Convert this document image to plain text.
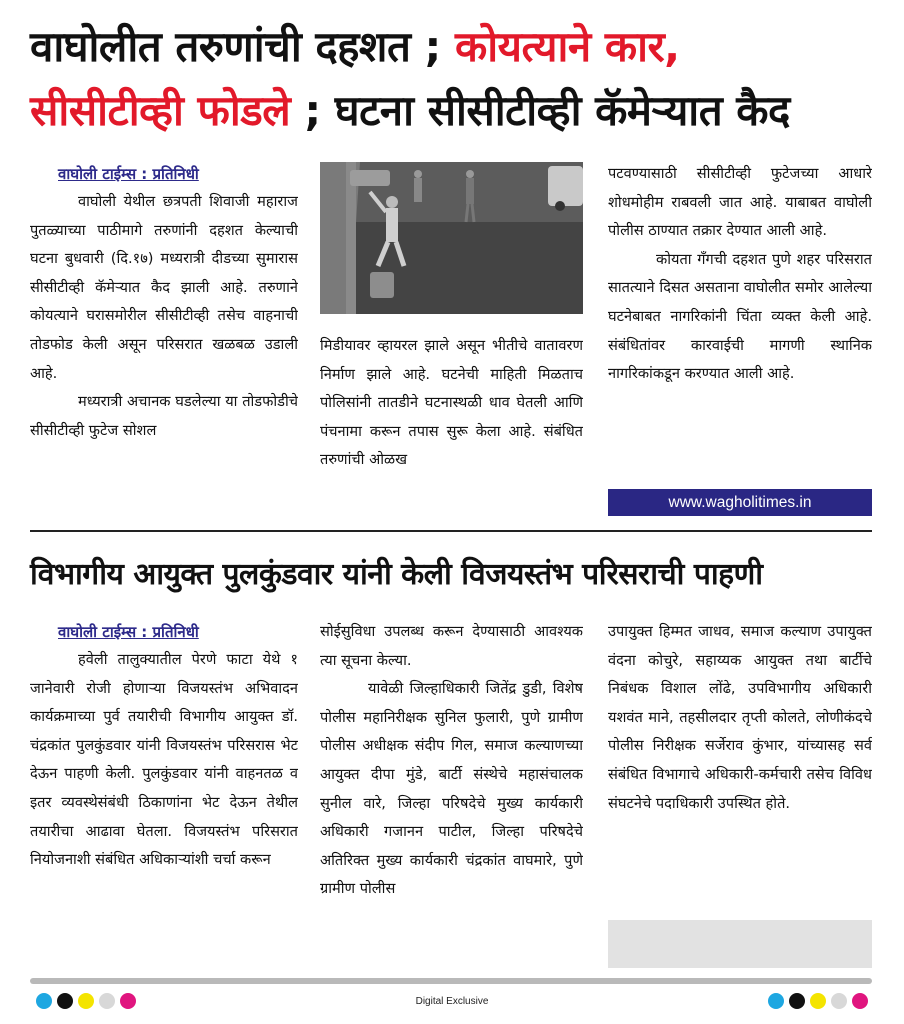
वाघोलीत तरुणांची दहशत ; कोयत्याने कार,
सीसीटीव्ही फोडले ; घटना सीसीटीव्ही कॅमेऱ्यात कैद
वाघोली टाईम्स : प्रतिनिधी

वाघोली येथील छत्रपती शिवाजी महाराज पुतळ्याच्या पाठीमागे तरुणांनी दहशत केल्याची घटना बुधवारी (दि.१७) मध्यरात्री दीडच्या सुमारास सीसीटीव्ही कॅमेऱ्यात कैद झाली आहे. तरुणाने कोयत्याने घरासमोरील सीसीटीव्ही तसेच वाहनाची तोडफोड केली असून परिसरात खळबळ उडाली आहे.

मध्यरात्री अचानक घडलेल्या या तोडफोडीचे सीसीटीव्ही फुटेज सोशल

मिडीयावर व्हायरल झाले असून भीतीचे वातावरण निर्माण झाले आहे. घटनेची माहिती मिळताच पोलिसांनी तातडीने घटनास्थळी धाव घेतली आणि पंचनामा करून तपास सुरू केला आहे. संबंधित तरुणांची ओळख

पटवण्यासाठी सीसीटीव्ही फुटेजच्या आधारे शोधमोहीम राबवली जात आहे. याबाबत वाघोली पोलीस ठाण्यात तक्रार देण्यात आली आहे.

कोयता गँगची दहशत पुणे शहर परिसरात सातत्याने दिसत असताना वाघोलीत समोर आलेल्या घटनेबाबत नागरिकांनी चिंता व्यक्त केली आहे. संबंधितांवर कारवाईची मागणी स्थानिक नागरिकांकडून करण्यात आली आहे.

www.wagholitimes.in
विभागीय आयुक्त पुलकुंडवार यांनी केली विजयस्तंभ परिसराची पाहणी
वाघोली टाईम्स : प्रतिनिधी

हवेली तालुक्यातील पेरणे फाटा येथे १ जानेवारी रोजी होणाऱ्या विजयस्तंभ अभिवादन कार्यक्रमाच्या पुर्व तयारीची विभागीय आयुक्त डॉ. चंद्रकांत पुलकुंडवार यांनी विजयस्तंभ परिसरास भेट देऊन पाहणी केली. पुलकुंडवार यांनी वाहनतळ व इतर व्यवस्थेसंबंधी ठिकाणांना भेट देऊन तेथील तयारीचा आढावा घेतला. विजयस्तंभ परिसरात नियोजनाशी संबंधित अधिकाऱ्यांशी चर्चा करून

सोईसुविधा उपलब्ध करून देण्यासाठी आवश्यक त्या सूचना केल्या.

यावेळी जिल्हाधिकारी जितेंद्र डुडी, विशेष पोलीस महानिरीक्षक सुनिल फुलारी, पुणे ग्रामीण पोलीस अधीक्षक संदीप गिल, समाज कल्याणच्या आयुक्त दीपा मुंडे, बार्टी संस्थेचे महासंचालक सुनील वारे, जिल्हा परिषदेचे मुख्य कार्यकारी अधिकारी गजानन पाटील, जिल्हा परिषदेचे अतिरिक्त मुख्य कार्यकारी चंद्रकांत वाघमारे, पुणे ग्रामीण पोलीस

उपायुक्त हिम्मत जाधव, समाज कल्याण उपायुक्त वंदना कोचुरे, सहाय्यक आयुक्त तथा बार्टीचे निबंधक विशाल लोंढे, उपविभागीय अधिकारी यशवंत माने, तहसीलदार तृप्ती कोलते, लोणीकंदचे पोलीस निरीक्षक सर्जेराव कुंभार, यांच्यासह सर्व संबंधित विभागाचे अधिकारी-कर्मचारी तसेच विविध संघटनेचे पदाधिकारी उपस्थित होते.

Digital Exclusive
